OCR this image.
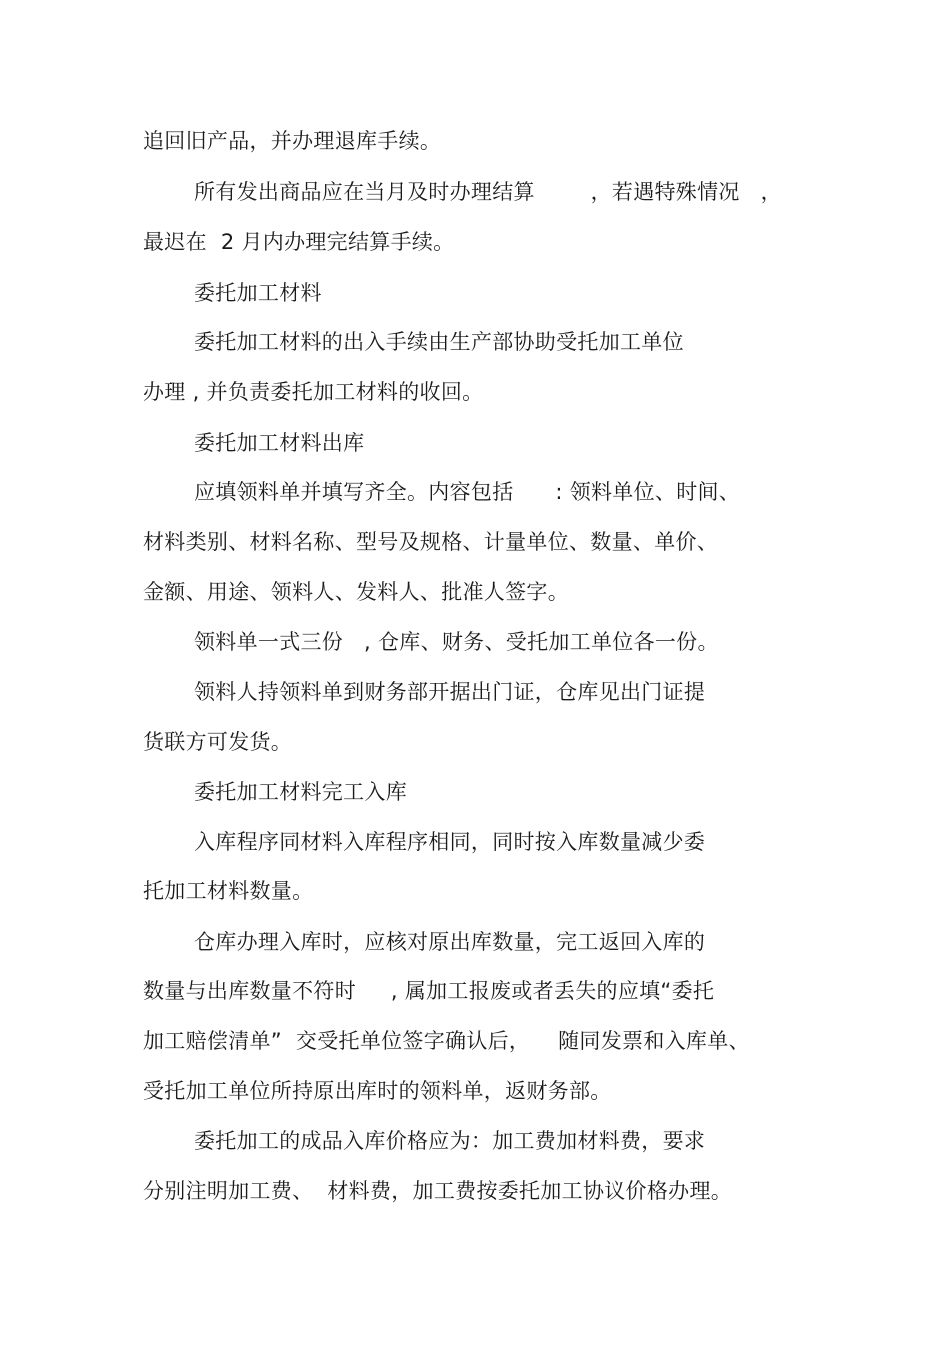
追回旧产品，并办理退库手续。
所有发出商品应在当月及时办理结算        ，若遇特殊情况   ，
最迟在  2 月内办理完结算手续。
委托加工材料
委托加工材料的出入手续由生产部协助受托加工单位
办理 , 并负责委托加工材料的收回。
委托加工材料出库
应填领料单并填写齐全。内容包括      : 领料单位、时间、
材料类别、材料名称、型号及规格、计量单位、数量、单价、
金额、用途、领料人、发料人、批准人签字。
领料单一式三份   , 仓库、财务、受托加工单位各一份。
领料人持领料单到财务部开据出门证，仓库见出门证提
货联方可发货。
委托加工材料完工入库
入库程序同材料入库程序相同，同时按入库数量减少委
托加工材料数量。
仓库办理入库时，应核对原出库数量，完工返回入库的
数量与出库数量不符时     , 属加工报废或者丢失的应填“委托
加工赔偿清单”  交受托单位签字确认后，    随同发票和入库单、
受托加工单位所持原出库时的领料单，返财务部。
委托加工的成品入库价格应为：加工费加材料费，要求
分别注明加工费、  材料费，加工费按委托加工协议价格办理。
